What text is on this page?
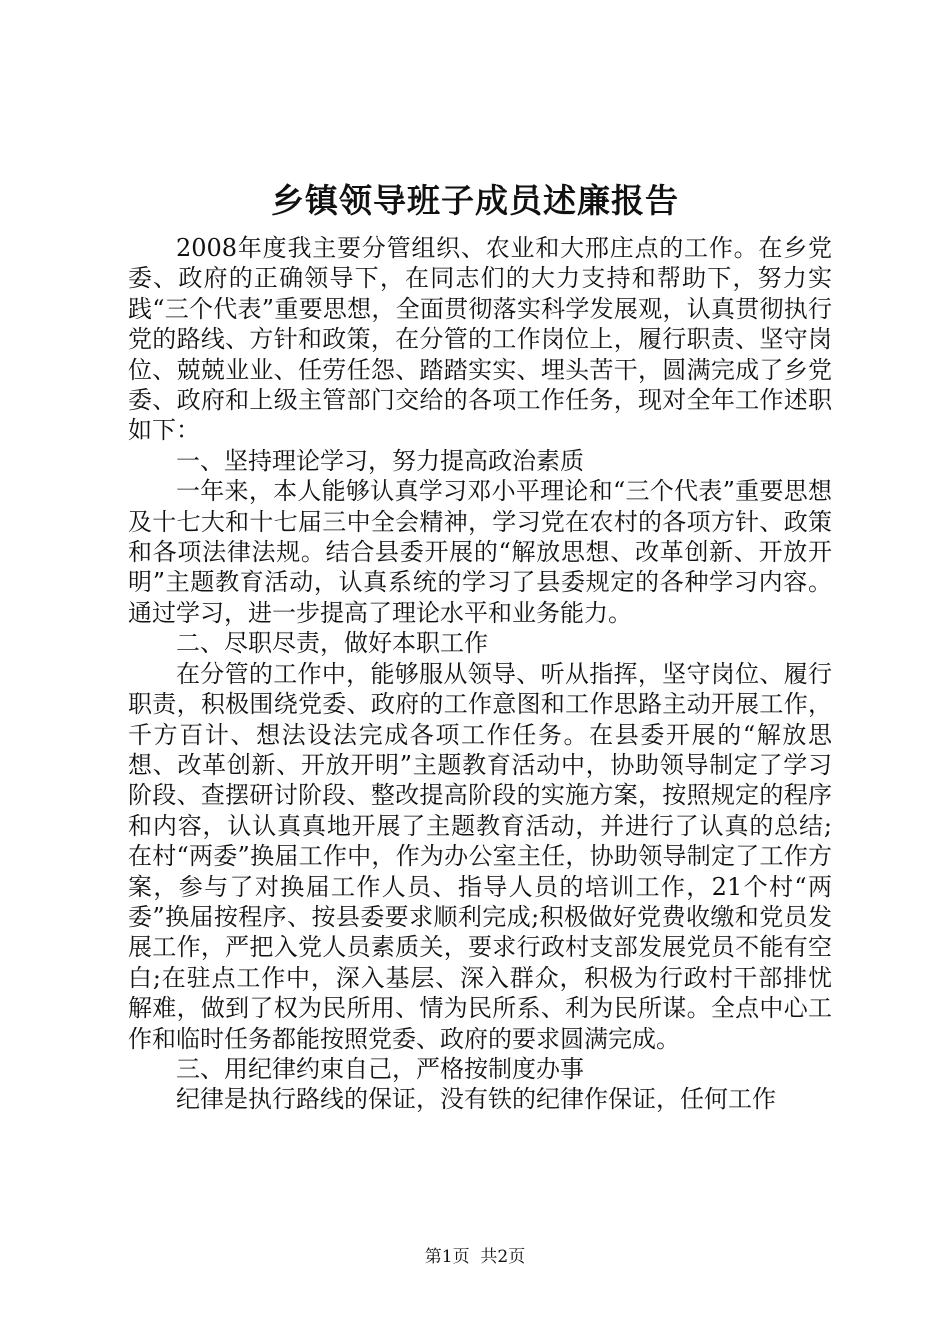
乡镇领导班子成员述廉报告

2008年度我主要分管组织、农业和大邢庄点的工作。在乡党委、政府的正确领导下，在同志们的大力支持和帮助下，努力实践“三个代表”重要思想，全面贯彻落实科学发展观，认真贯彻执行党的路线、方针和政策，在分管的工作岗位上，履行职责、坚守岗位、兢兢业业、任劳任怨、踏踏实实、埋头苦干，圆满完成了乡党委、政府和上级主管部门交给的各项工作任务，现对全年工作述职如下：

一、坚持理论学习，努力提高政治素质

一年来，本人能够认真学习邓小平理论和“三个代表”重要思想及十七大和十七届三中全会精神，学习党在农村的各项方针、政策和各项法律法规。结合县委开展的“解放思想、改革创新、开放开明”主题教育活动，认真系统的学习了县委规定的各种学习内容。通过学习，进一步提高了理论水平和业务能力。

二、尽职尽责，做好本职工作

在分管的工作中，能够服从领导、听从指挥，坚守岗位、履行职责，积极围绕党委、政府的工作意图和工作思路主动开展工作，千方百计、想法设法完成各项工作任务。在县委开展的“解放思想、改革创新、开放开明”主题教育活动中，协助领导制定了学习阶段、查摆研讨阶段、整改提高阶段的实施方案，按照规定的程序和内容，认认真真地开展了主题教育活动，并进行了认真的总结;在村“两委”换届工作中，作为办公室主任，协助领导制定了工作方案，参与了对换届工作人员、指导人员的培训工作，21个村“两委”换届按程序、按县委要求顺利完成;积极做好党费收缴和党员发展工作，严把入党人员素质关，要求行政村支部发展党员不能有空白;在驻点工作中，深入基层、深入群众，积极为行政村干部排忧解难，做到了权为民所用、情为民所系、利为民所谋。全点中心工作和临时任务都能按照党委、政府的要求圆满完成。

三、用纪律约束自己，严格按制度办事

纪律是执行路线的保证，没有铁的纪律作保证，任何工作

第1页 共2页
